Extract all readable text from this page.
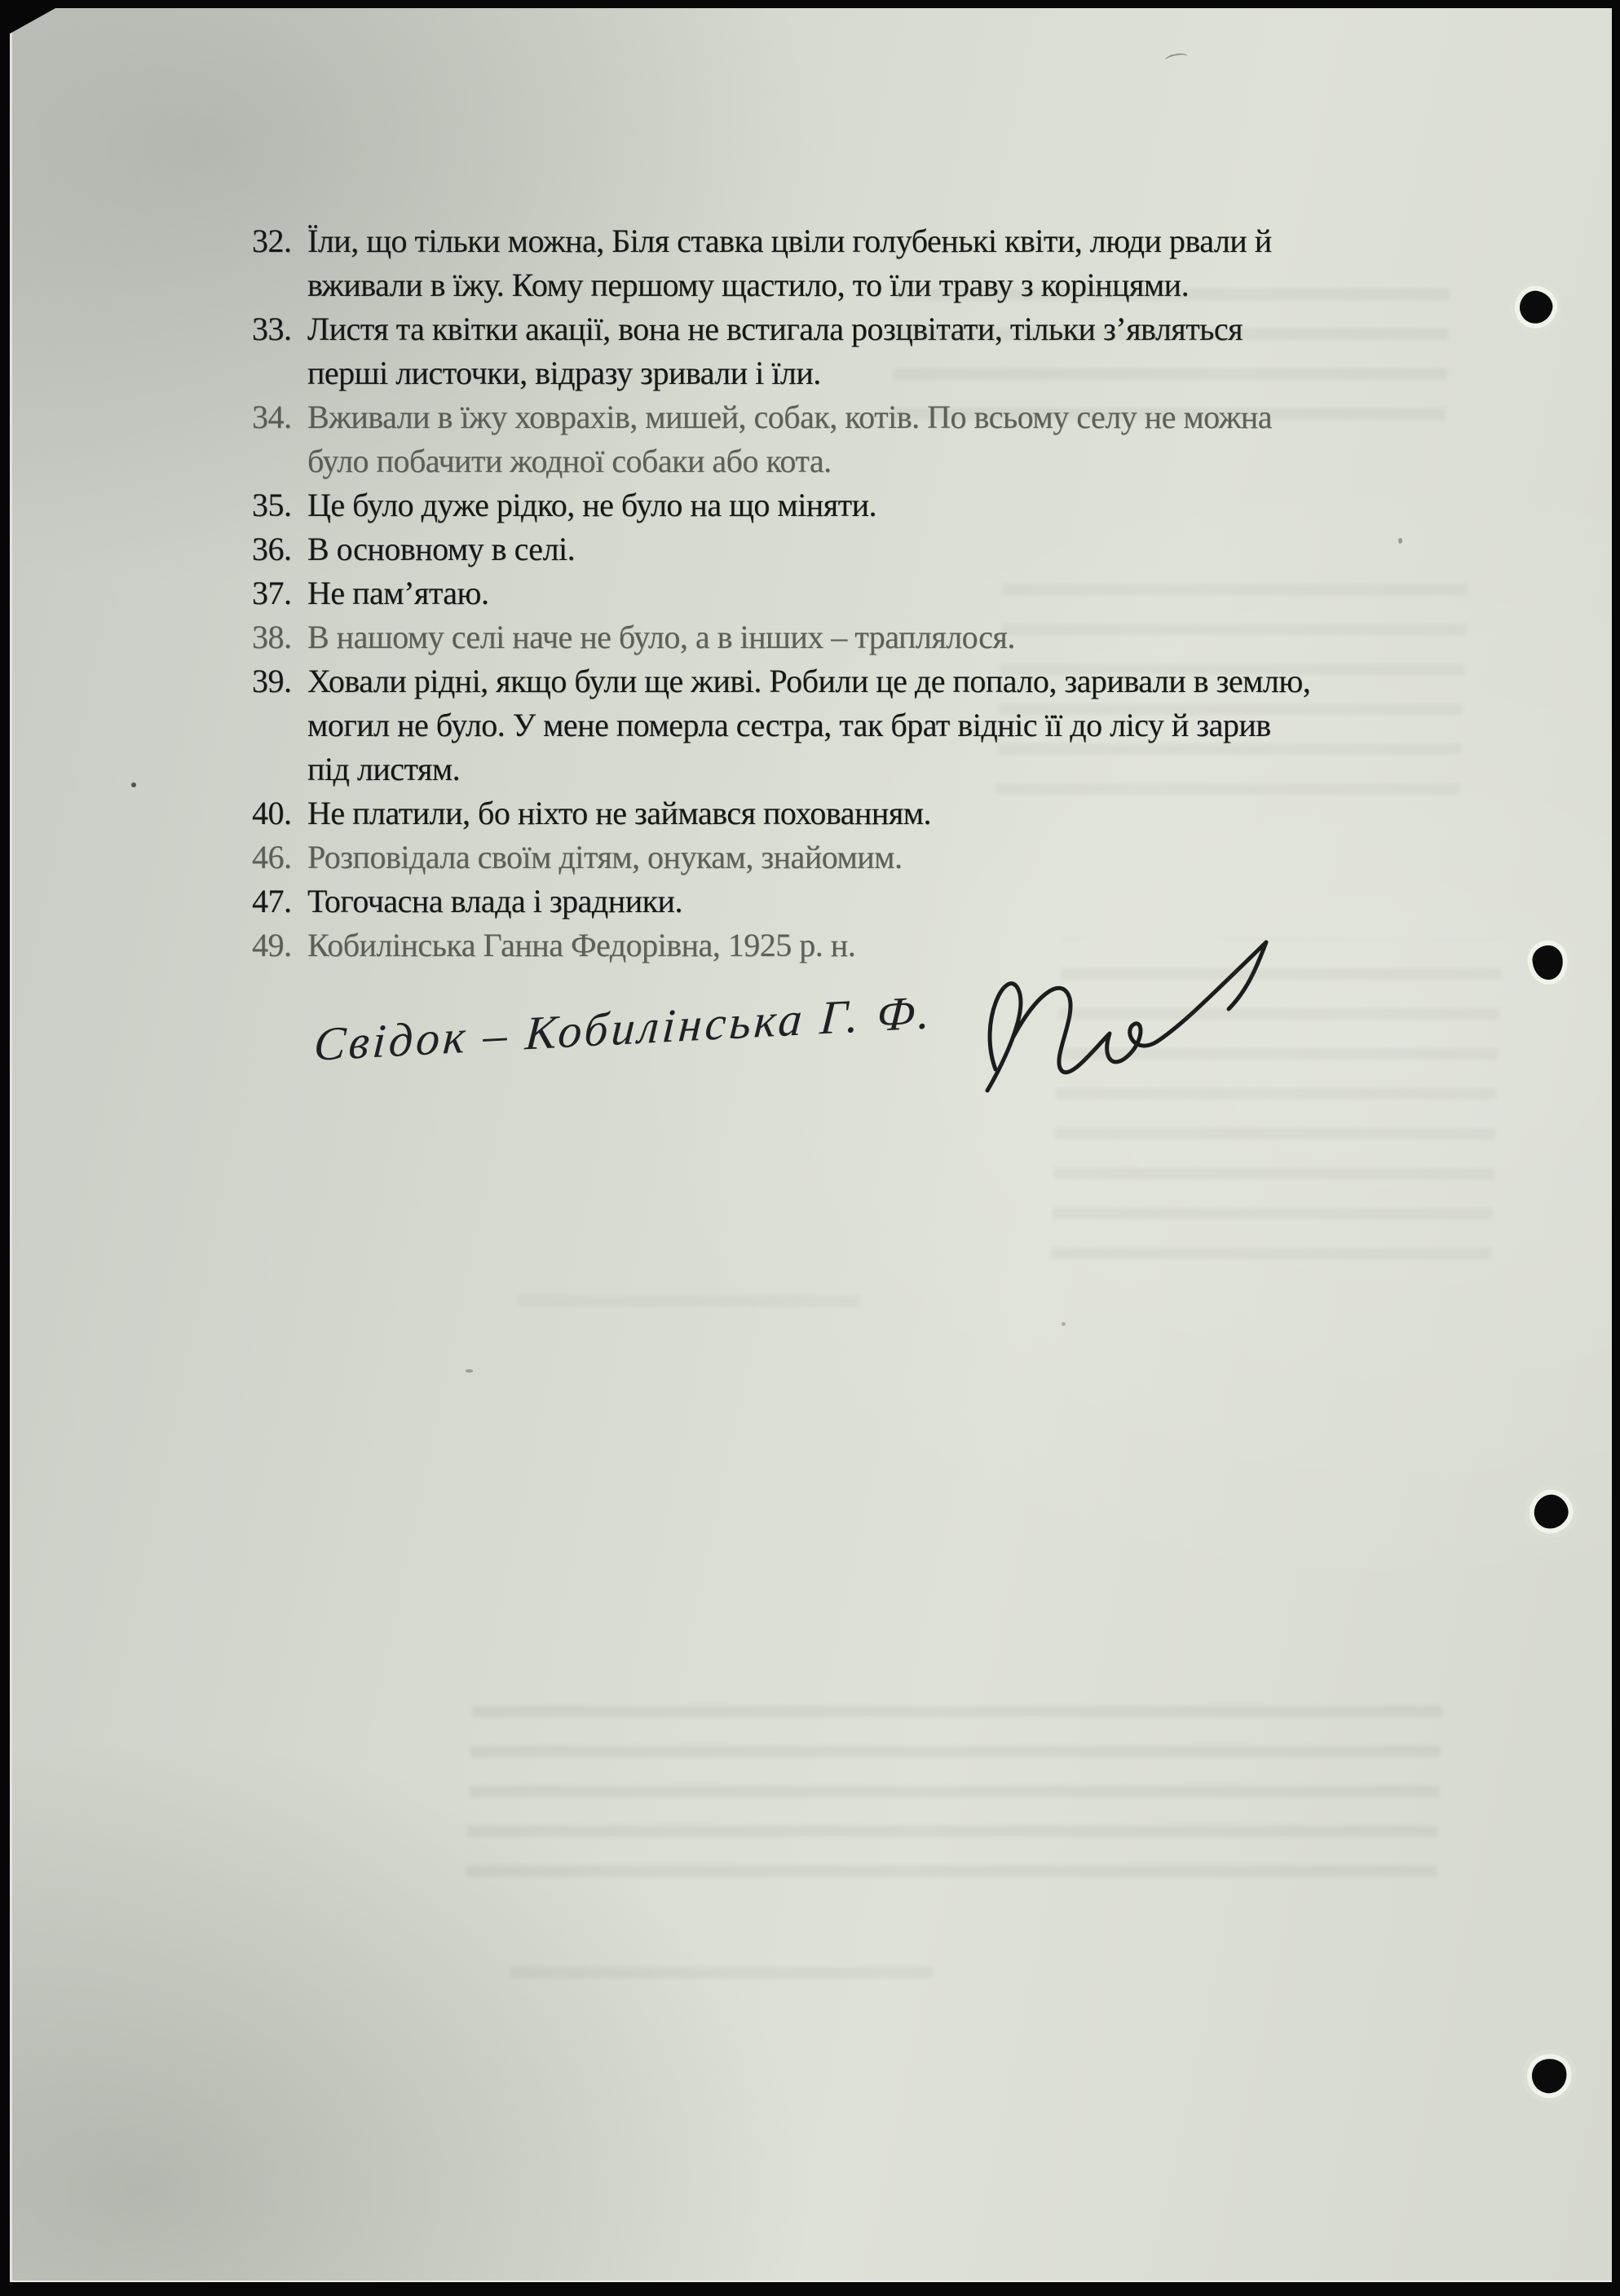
32. Їли, що тільки можна, Біля ставка цвіли голубенькі квіти, люди рвали й
вживали в їжу. Кому першому щастило, то їли траву з корінцями.
33. Листя та квітки акації, вона не встигала розцвітати, тільки з’являться
перші листочки, відразу зривали і їли.
34. Вживали в їжу ховрахів, мишей, собак, котів. По всьому селу не можна
було побачити жодної собаки або кота.
35. Це було дуже рідко, не було на що міняти.
36. В основному в селі.
37. Не пам’ятаю.
38. В нашому селі наче не було, а в інших – траплялося.
39. Ховали рідні, якщо були ще живі. Робили це де попало, заривали в землю,
могил не було. У мене померла сестра, так брат відніс її до лісу й зарив
під листям.
40. Не платили, бо ніхто не займався похованням.
46. Розповідала своїм дітям, онукам, знайомим.
47. Тогочасна влада і зрадники.
49. Кобилінська Ганна Федорівна, 1925 р. н.
Свідок – Кобилінська Г. Ф.
